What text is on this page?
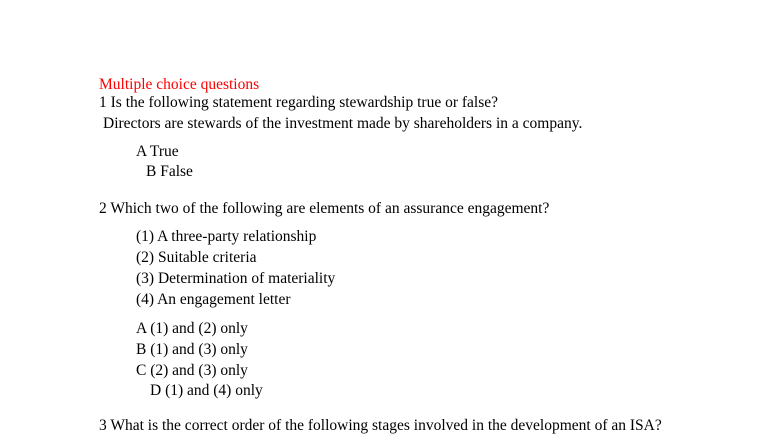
Multiple choice questions
1 Is the following statement regarding stewardship true or false?
Directors are stewards of the investment made by shareholders in a company.
A True
B False
2 Which two of the following are elements of an assurance engagement?
(1) A three-party relationship
(2) Suitable criteria
(3) Determination of materiality
(4) An engagement letter
A (1) and (2) only
B (1) and (3) only
C (2) and (3) only
D (1) and (4) only
3 What is the correct order of the following stages involved in the development of an ISA?
